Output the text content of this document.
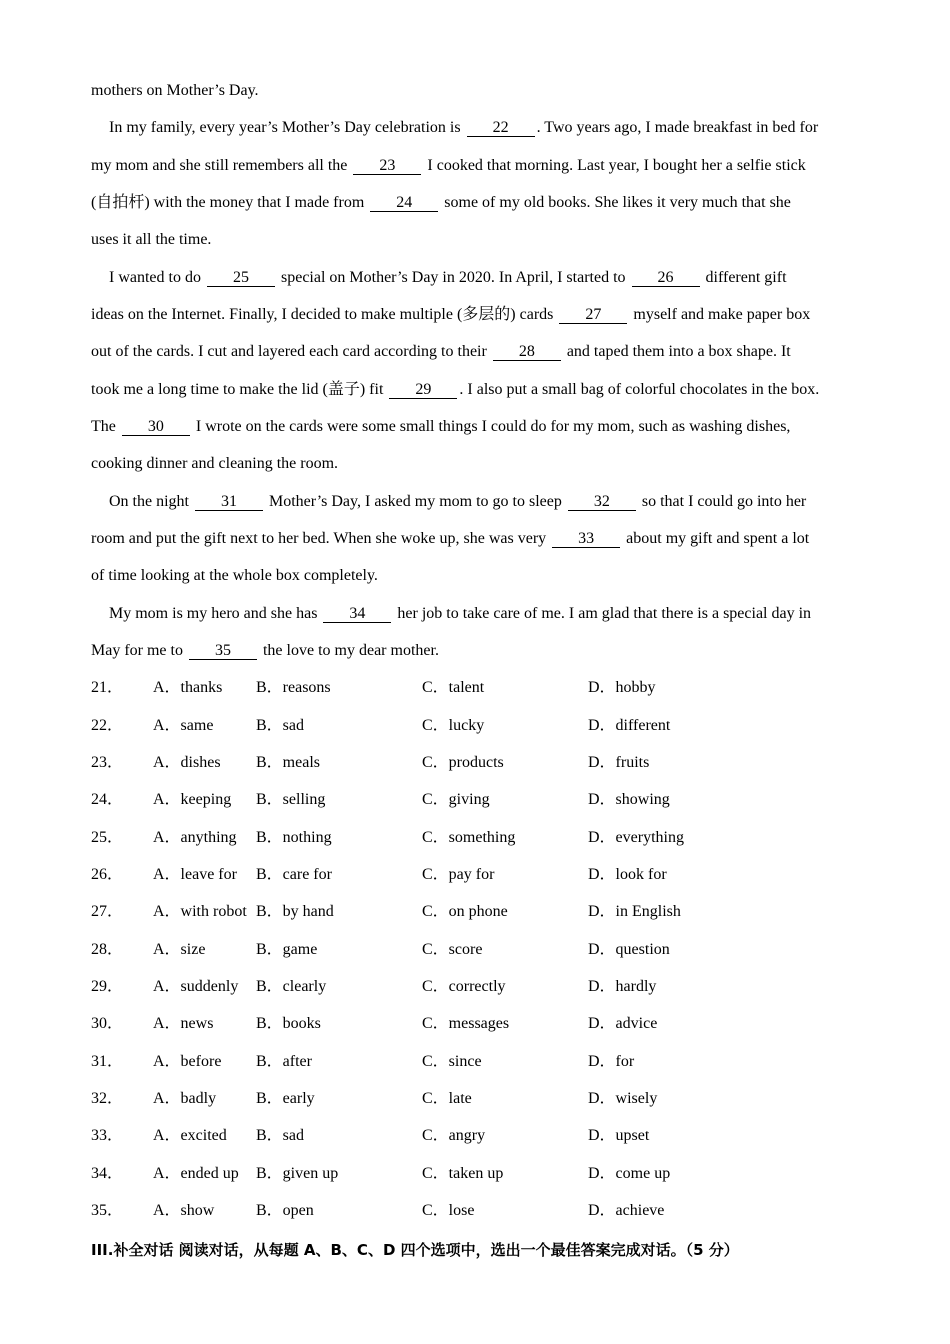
mothers on Mother’s Day.
In my family, every year’s Mother’s Day celebration is 22 . Two years ago, I made breakfast in bed for
my mom and she still remembers all the 23 I cooked that morning. Last year, I bought her a selfie stick
(自拍杆) with the money that I made from 24 some of my old books. She likes it very much that she
uses it all the time.
I wanted to do 25 special on Mother’s Day in 2020. In April, I started to 26 different gift
ideas on the Internet. Finally, I decided to make multiple (多层的) cards 27 myself and make paper box
out of the cards. I cut and layered each card according to their 28 and taped them into a box shape. It
took me a long time to make the lid (盖子) fit 29 . I also put a small bag of colorful chocolates in the box.
The 30 I wrote on the cards were some small things I could do for my mom, such as washing dishes,
cooking dinner and cleaning the room.
On the night 31 Mother’s Day, I asked my mom to go to sleep 32 so that I could go into her
room and put the gift next to her bed. When she woke up, she was very 33 about my gift and spent a lot
of time looking at the whole box completely.
My mom is my hero and she has 34 her job to take care of me. I am glad that there is a special day in
May for me to 35 the love to my dear mother.
21． A．thanks B．reasons	C．talent	D．hobby
22． A．same	B．sad	C．lucky	D．different
23． A．dishes B．meals	C．products	D．fruits
24． A．keeping B．selling	C．giving	D．showing
25． A．anything B．nothing	C．something	D．everything
26． A．leave for B．care for	C．pay for	D．look for
27． A．with robot B．by hand	C．on phone	D．in English
28． A．size	B．game	C．score	D．question
29． A．suddenly B．clearly	C．correctly	D．hardly
30． A．news	B．books	C．messages	D．advice
31． A．before B．after	C．since	D．for
32． A．badly B．early	C．late	D．wisely
33． A．excited B．sad	C．angry	D．upset
34． A．ended up B．given up	C．taken up	D．come up
35． A．show	B．open	C．lose	D．achieve
III.补全对话 阅读对话，从每题 A、B、C、D 四个选项中，选出一个最佳答案完成对话。（5 分）
